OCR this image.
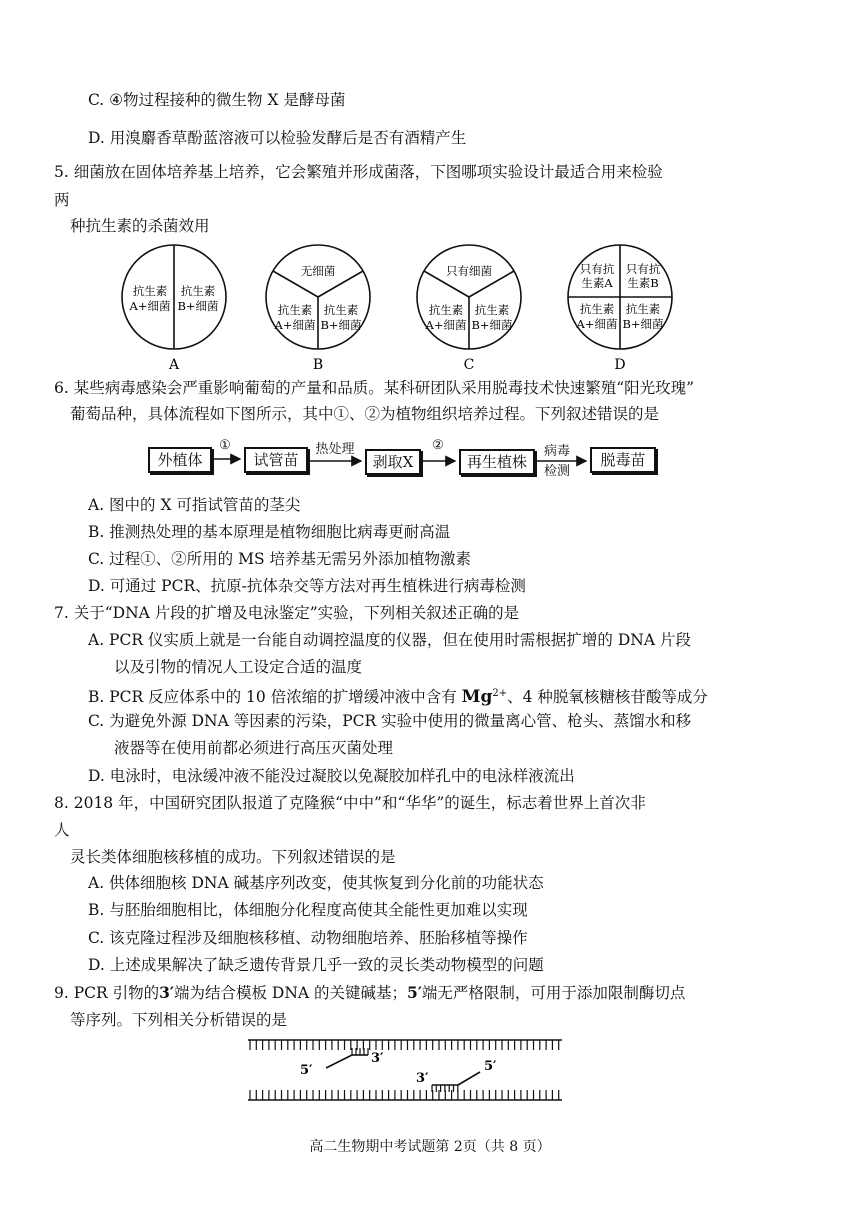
C. ④物过程接种的微生物 X 是酵母菌
D. 用溴麝香草酚蓝溶液可以检验发酵后是否有酒精产生
5. 细菌放在固体培养基上培养，它会繁殖并形成菌落，下图哪项实验设计最适合用来检验
两
种抗生素的杀菌效用
抗生素
A+细菌
抗生素
B+细菌
A
无细菌
抗生素
A+细菌
抗生素
B+细菌
B
只有细菌
抗生素
A+细菌
抗生素
B+细菌
C
只有抗
生素A
只有抗
生素B
抗生素
A+细菌
抗生素
B+细菌
D
6. 某些病毒感染会严重影响葡萄的产量和品质。某科研团队采用脱毒技术快速繁殖“阳光玫瑰”
葡萄品种，具体流程如下图所示，其中①、②为植物组织培养过程。下列叙述错误的是
外植体
①
试管苗
热处理
剥取X
②
再生植株
病毒
检测
脱毒苗
A. 图中的 X 可指试管苗的茎尖
B. 推测热处理的基本原理是植物细胞比病毒更耐高温
C. 过程①、②所用的 MS 培养基无需另外添加植物激素
D. 可通过 PCR、抗原-抗体杂交等方法对再生植株进行病毒检测
7. 关于“DNA 片段的扩增及电泳鉴定”实验，下列相关叙述正确的是
A. PCR 仪实质上就是一台能自动调控温度的仪器，但在使用时需根据扩增的 DNA 片段
以及引物的情况人工设定合适的温度
B. PCR 反应体系中的 10 倍浓缩的扩增缓冲液中含有 $Mg^{2+}$、4 种脱氧核糖核苷酸等成分
C. 为避免外源 DNA 等因素的污染，PCR 实验中使用的微量离心管、枪头、蒸馏水和移
液器等在使用前都必须进行高压灭菌处理
D. 电泳时，电泳缓冲液不能没过凝胶以免凝胶加样孔中的电泳样液流出
8. 2018 年，中国研究团队报道了克隆猴“中中”和“华华”的诞生，标志着世界上首次非
人
灵长类体细胞核移植的成功。下列叙述错误的是
A. 供体细胞核 DNA 碱基序列改变，使其恢复到分化前的功能状态
B. 与胚胎细胞相比，体细胞分化程度高使其全能性更加难以实现
C. 该克隆过程涉及细胞核移植、动物细胞培养、胚胎移植等操作
D. 上述成果解决了缺乏遗传背景几乎一致的灵长类动物模型的问题
9. PCR 引物的3′端为结合模板 DNA 的关键碱基；5′端无严格限制，可用于添加限制酶切点
等序列。下列相关分析错误的是
5′
3′
3′
5′
高二生物期中考试题第 2页（共 8 页）
